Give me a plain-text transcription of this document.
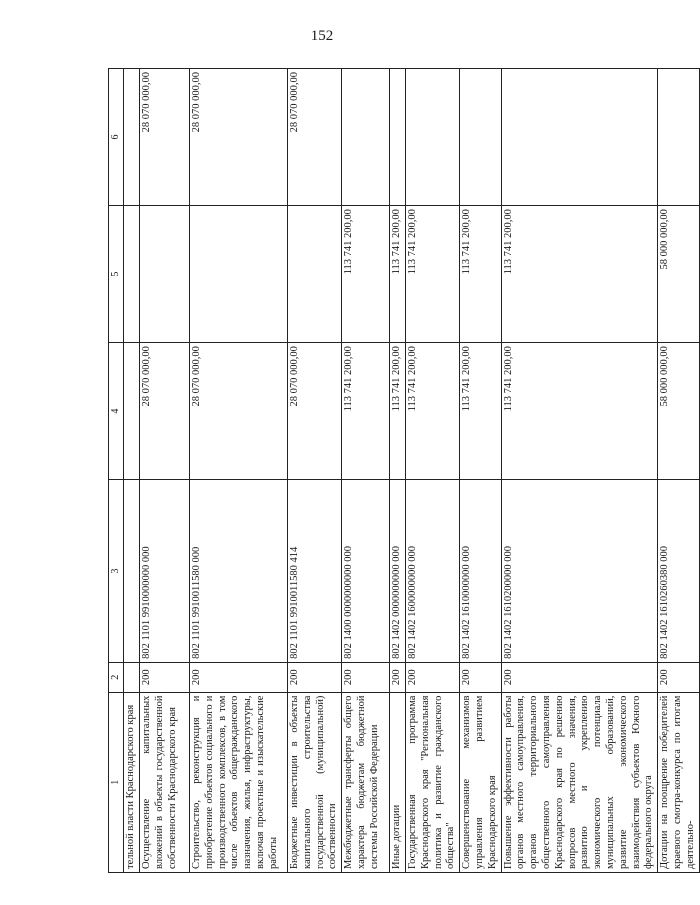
152
1	2	3	4	5	6
тельной власти Краснодарского края					
Осуществление капитальных вложений в объекты государственной собственности Краснодарского края	200	802 1101 9910000000 000	28 070 000,00		28 070 000,00
Строительство, реконструкция и приобретение объектов социального и производственного комплексов, в том числе объектов общегражданского назначения, жилья, инфраструктуры, включая проектные и изыскательские работы	200	802 1101 9910011580 000	28 070 000,00		28 070 000,00
Бюджетные инвестиции в объекты капитального строительства государственной (муниципальной) собственности	200	802 1101 9910011580 414	28 070 000,00		28 070 000,00
Межбюджетные трансферты общего характера бюджетам бюджетной системы Российской Федерации	200	802 1400 0000000000 000	113 741 200,00	113 741 200,00	
Иные дотации	200	802 1402 0000000000 000	113 741 200,00	113 741 200,00	
Государственная программа Краснодарского края "Региональная политика и развитие гражданского общества"	200	802 1402 1600000000 000	113 741 200,00	113 741 200,00	
Совершенствование механизмов управления развитием Краснодарского края	200	802 1402 1610000000 000	113 741 200,00	113 741 200,00	
Повышение эффективности работы органов местного самоуправления, органов территориального общественного самоуправления Краснодарского края по решению вопросов местного значения, развитию и укреплению экономического потенциала муниципальных образований, развитие экономического взаимодействия субъектов Южного федерального округа	200	802 1402 1610200000 000	113 741 200,00	113 741 200,00	
Дотации на поощрение победителей краевого смотра-конкурса по итогам деятельно-	200	802 1402 1610260380 000	58 000 000,00	58 000 000,00	
